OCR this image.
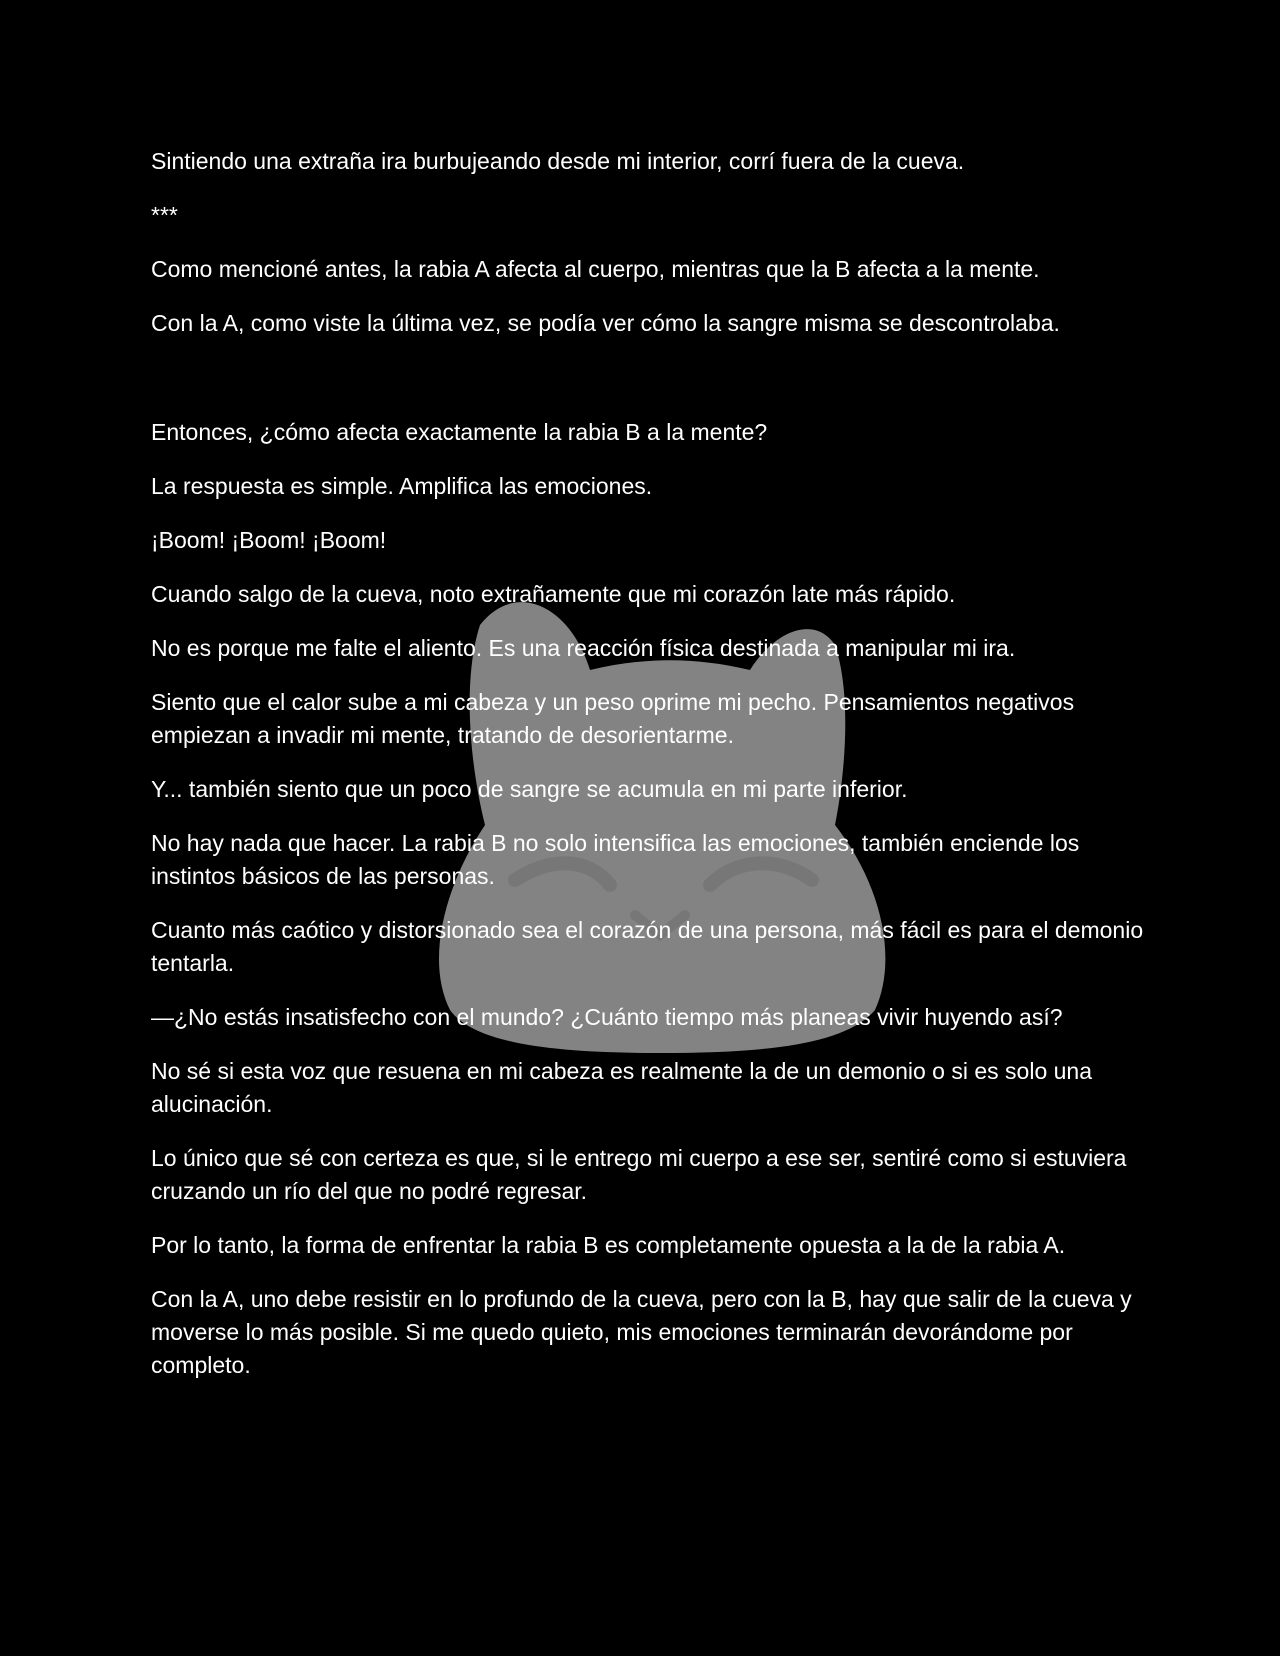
Sintiendo una extraña ira burbujeando desde mi interior, corrí fuera de la cueva.

***

Como mencioné antes, la rabia A afecta al cuerpo, mientras que la B afecta a la mente.

Con la A, como viste la última vez, se podía ver cómo la sangre misma se descontrolaba.

Entonces, ¿cómo afecta exactamente la rabia B a la mente?

La respuesta es simple. Amplifica las emociones.

¡Boom! ¡Boom! ¡Boom!

Cuando salgo de la cueva, noto extrañamente que mi corazón late más rápido.

No es porque me falte el aliento. Es una reacción física destinada a manipular mi ira.

Siento que el calor sube a mi cabeza y un peso oprime mi pecho. Pensamientos negativos empiezan a invadir mi mente, tratando de desorientarme.

Y... también siento que un poco de sangre se acumula en mi parte inferior.

No hay nada que hacer. La rabia B no solo intensifica las emociones, también enciende los instintos básicos de las personas.

Cuanto más caótico y distorsionado sea el corazón de una persona, más fácil es para el demonio tentarla.

—¿No estás insatisfecho con el mundo? ¿Cuánto tiempo más planeas vivir huyendo así?

No sé si esta voz que resuena en mi cabeza es realmente la de un demonio o si es solo una alucinación.

Lo único que sé con certeza es que, si le entrego mi cuerpo a ese ser, sentiré como si estuviera cruzando un río del que no podré regresar.

Por lo tanto, la forma de enfrentar la rabia B es completamente opuesta a la de la rabia A.

Con la A, uno debe resistir en lo profundo de la cueva, pero con la B, hay que salir de la cueva y moverse lo más posible. Si me quedo quieto, mis emociones terminarán devorándome por completo.
